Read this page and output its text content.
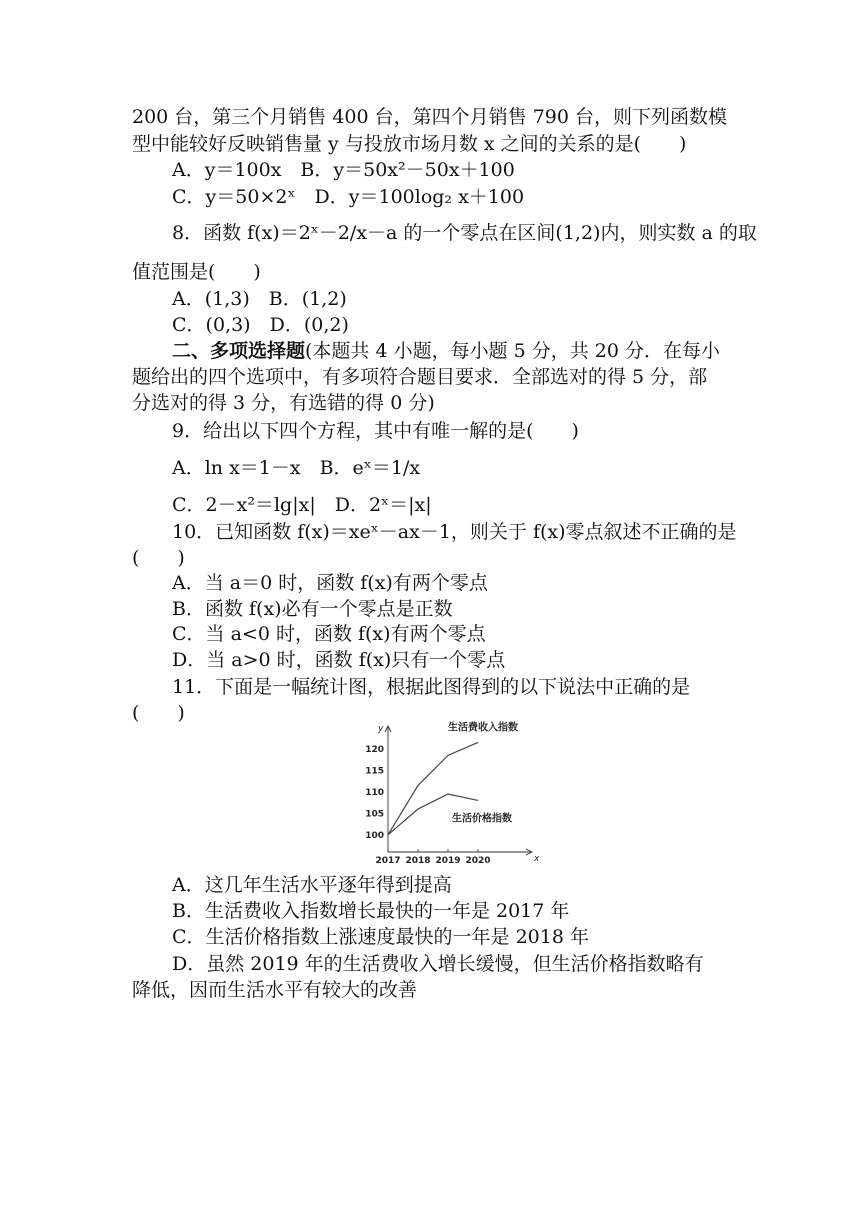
200 台，第三个月销售 400 台，第四个月销售 790 台，则下列函数模
型中能较好反映销售量 y 与投放市场月数 x 之间的关系的是(　　)
A．y＝100x　B．y＝50x²－50x＋100
C．y＝50×2ˣ　D．y＝100log₂ x＋100
8．函数 f(x)＝2ˣ－2/x－a 的一个零点在区间(1,2)内，则实数 a 的取
值范围是(　　)
A．(1,3)　B．(1,2)
C．(0,3)　D．(0,2)
二、多项选择题(本题共 4 小题，每小题 5 分，共 20 分．在每小
题给出的四个选项中，有多项符合题目要求．全部选对的得 5 分，部
分选对的得 3 分，有选错的得 0 分)
9．给出以下四个方程，其中有唯一解的是(　　)
A．ln x＝1－x　B．eˣ＝1/x
C．2－x²＝lg|x|　D．2ˣ＝|x|
10．已知函数 f(x)＝xeˣ－ax－1，则关于 f(x)零点叙述不正确的是
(　　)
A．当 a＝0 时，函数 f(x)有两个零点
B．函数 f(x)必有一个零点是正数
C．当 a<0 时，函数 f(x)有两个零点
D．当 a>0 时，函数 f(x)只有一个零点
11．下面是一幅统计图，根据此图得到的以下说法中正确的是
(　　)
x
y
100
105
110
115
120
2017 2018 2019 2020
生活费收入指数
生活价格指数
A．这几年生活水平逐年得到提高
B．生活费收入指数增长最快的一年是 2017 年
C．生活价格指数上涨速度最快的一年是 2018 年
D．虽然 2019 年的生活费收入增长缓慢，但生活价格指数略有
降低，因而生活水平有较大的改善
